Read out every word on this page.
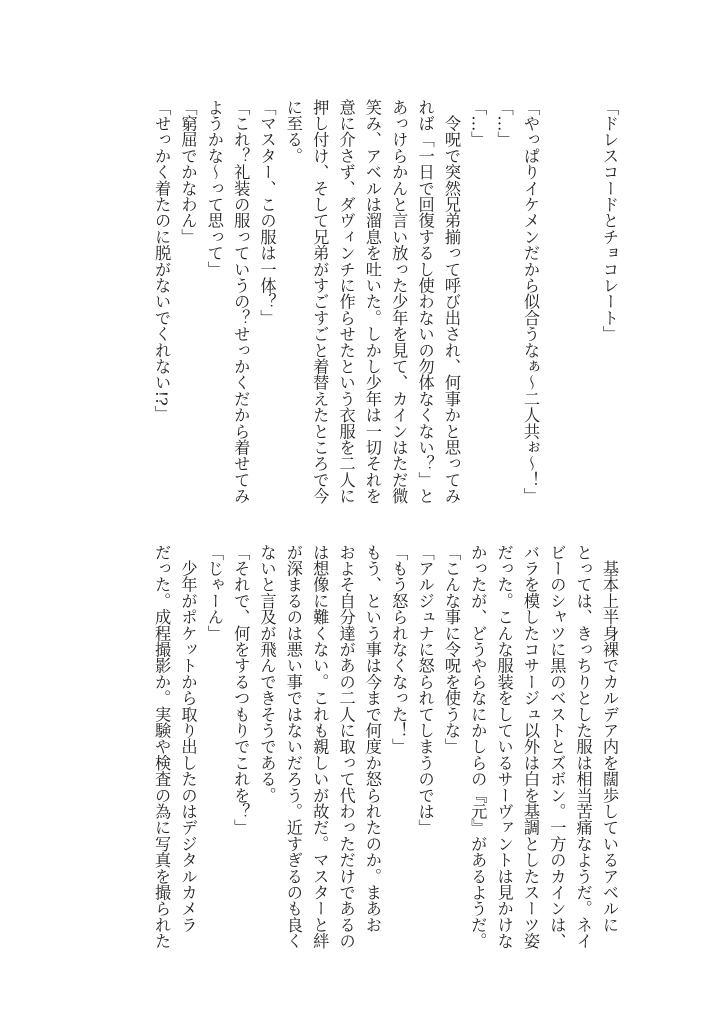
「ドレスコードとチョコレート」

「やっぱりイケメンだから似合うなぁ～二人共ぉ～！」
「…」
「…」
　令呪で突然兄弟揃って呼び出され、何事かと思ってみ
れば「一日で回復するし使わないの勿体なくない？」と
あっけらかんと言い放った少年を見て、カインはただ微
笑み、アベルは溜息を吐いた。しかし少年は一切それを
意に介さず、ダヴィンチに作らせたという衣服を二人に
押し付け、そして兄弟がすごすごと着替えたところで今
に至る。
「マスター、この服は一体？」
「これ？礼装の服っていうの？せっかくだから着せてみ
ようかな～って思って」
「窮屈でかなわん」
「せっかく着たのに脱がないでくれない!?」
　基本上半身裸でカルデア内を闊歩しているアベルに
とっては、きっちりとした服は相当苦痛なようだ。ネイ
ビーのシャツに黒のベストとズボン。一方のカインは、
バラを模したコサージュ以外は白を基調としたスーツ姿
だった。こんな服装をしているサーヴァントは見かけな
かったが、どうやらなにかしらの『元』があるようだ。
「こんな事に令呪を使うな」
「アルジュナに怒られてしまうのでは」
「もう怒られなくなった！」
もう、という事は今まで何度か怒られたのか。まあお
およそ自分達があの二人に取って代わっただけであるの
は想像に難くない。これも親しいが故だ。マスターと絆
が深まるのは悪い事ではないだろう。近すぎるのも良く
ないと言及が飛んできそうである。
「それで、何をするつもりでこれを？」
「じゃーん」
　少年がポケットから取り出したのはデジタルカメラ
だった。成程撮影か。実験や検査の為に写真を撮られた
